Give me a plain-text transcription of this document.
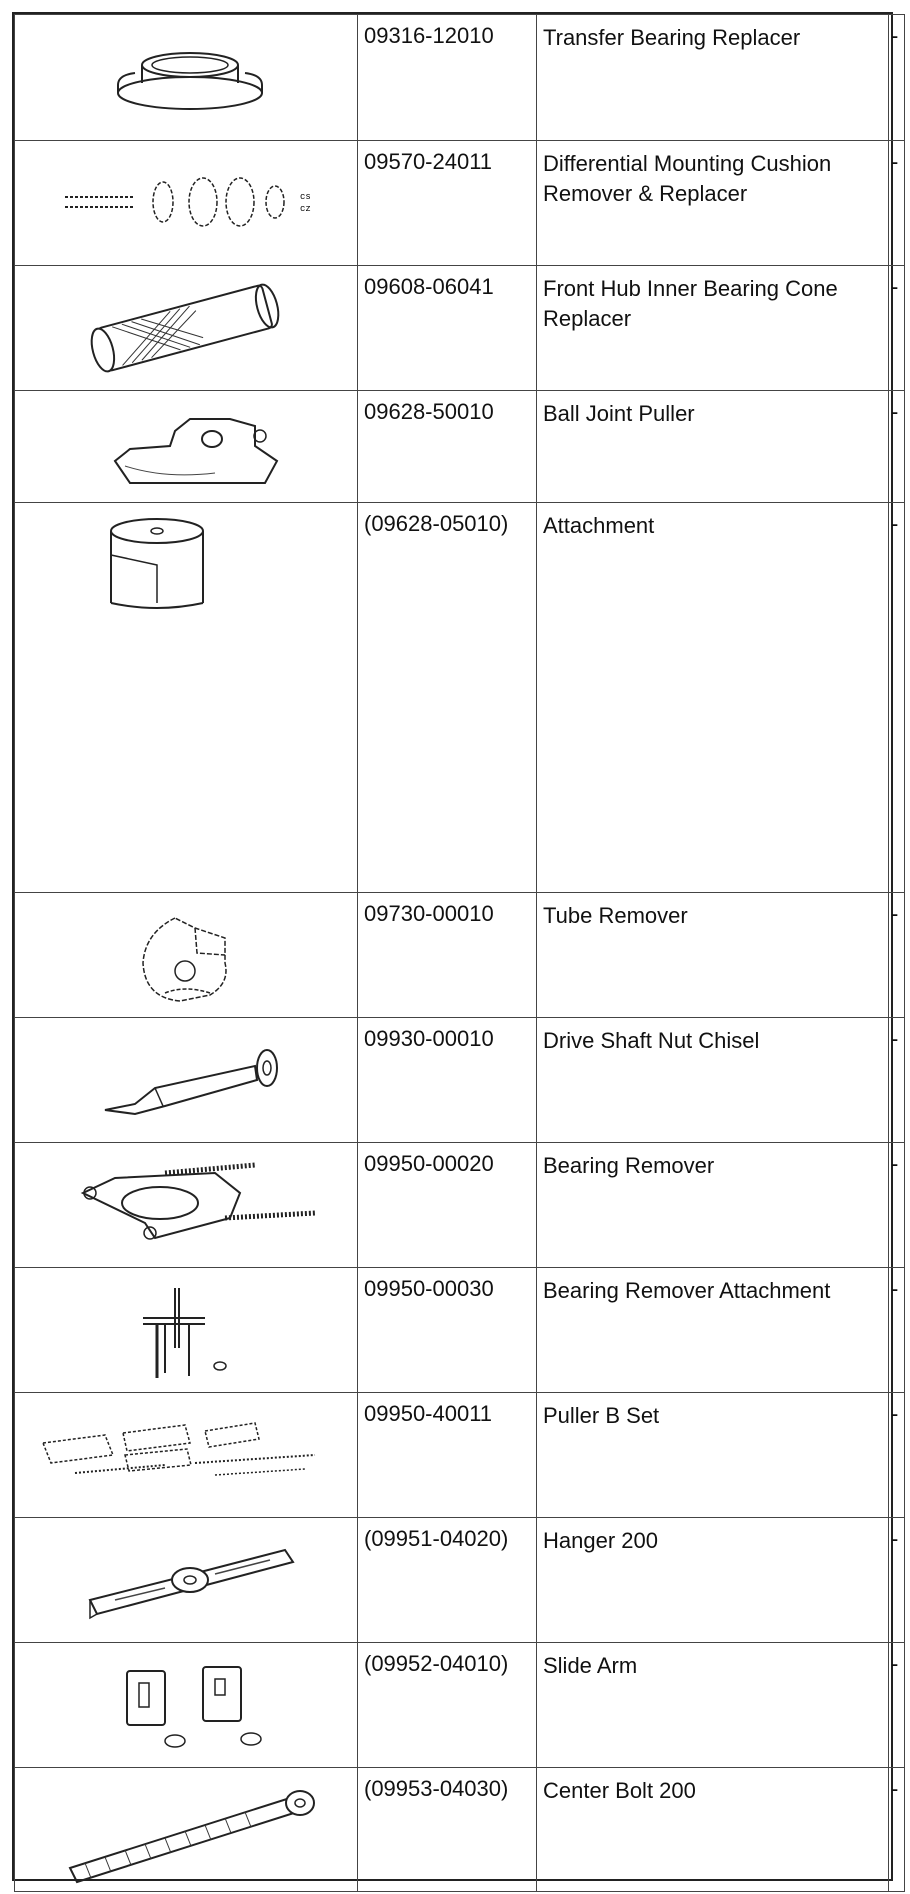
	09316-12010	Transfer Bearing Replacer	-

cs
cz	09570-24011	Differential Mounting Cushion Remover & Replacer	-

	09608-06041	Front Hub Inner Bearing Cone Replacer	-

	09628-50010	Ball Joint Puller	-

	(09628-05010)	Attachment	-

	09730-00010	Tube Remover	-

	09930-00010	Drive Shaft Nut Chisel	-

	09950-00020	Bearing Remover	-

	09950-00030	Bearing Remover Attachment	-

	09950-40011	Puller B Set	-

	(09951-04020)	Hanger 200	-

	(09952-04010)	Slide Arm	-

	(09953-04030)	Center Bolt 200	-
